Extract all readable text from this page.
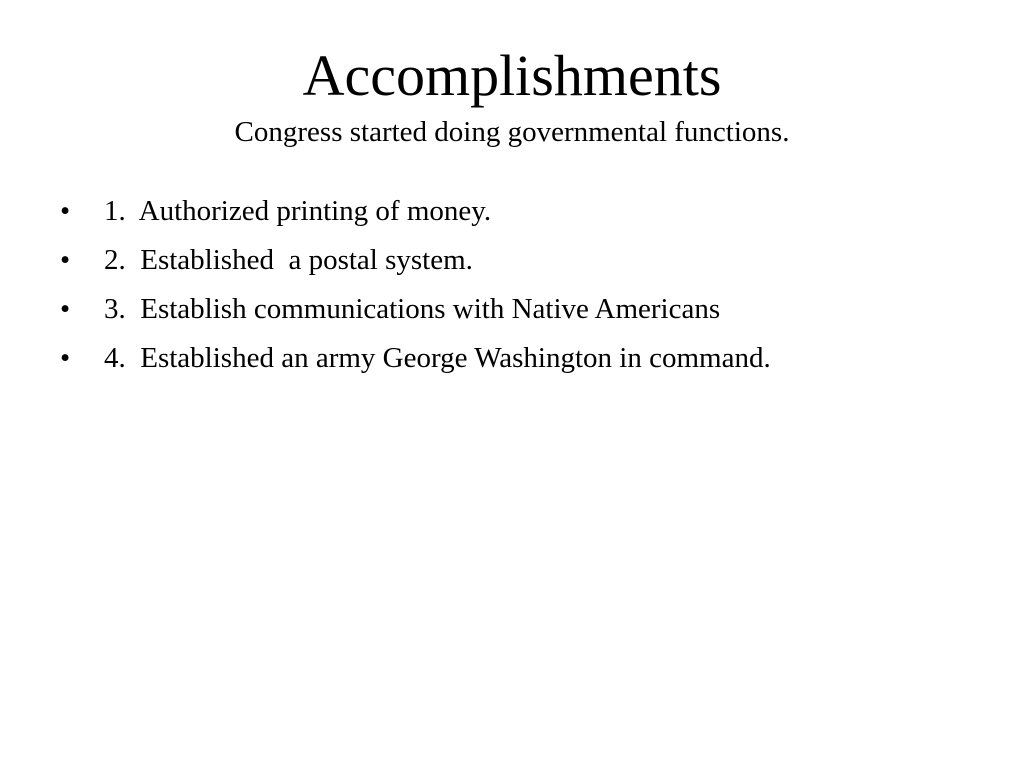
Accomplishments

Congress started doing governmental functions.

•	1.  Authorized printing of money.
•	2.  Established  a postal system.
•	3.  Establish communications with Native Americans
•	4.  Established an army George Washington in command.
